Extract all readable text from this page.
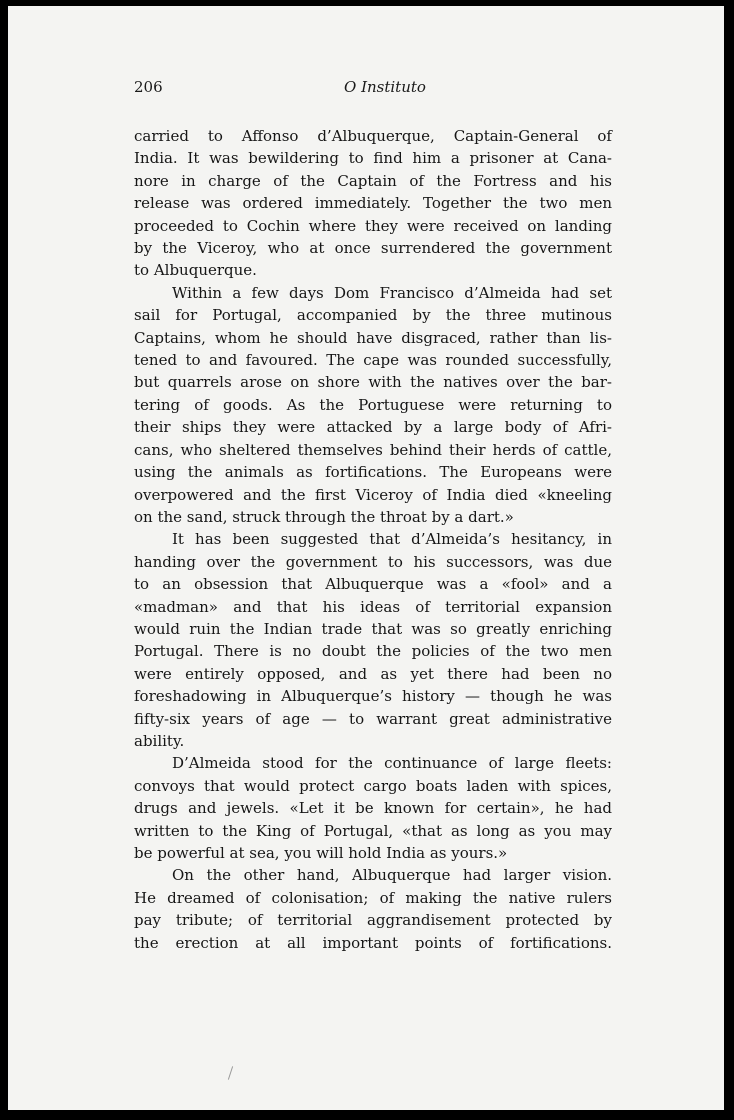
206	O Instituto
carried to Affonso d’Albuquerque, Captain-General of
India. It was bewildering to find him a prisoner at Cana-
nore in charge of the Captain of the Fortress and his
release was ordered immediately. Together the two men
proceeded to Cochin where they were received on landing
by the Viceroy, who at once surrendered the government
to Albuquerque.
Within a few days Dom Francisco d’Almeida had set
sail for Portugal, accompanied by the three mutinous
Captains, whom he should have disgraced, rather than lis-
tened to and favoured. The cape was rounded successfully,
but quarrels arose on shore with the natives over the bar-
tering of goods. As the Portuguese were returning to
their ships they were attacked by a large body of Afri-
cans, who sheltered themselves behind their herds of cattle,
using the animals as fortifications. The Europeans were
overpowered and the first Viceroy of India died «kneeling
on the sand, struck through the throat by a dart.»
It has been suggested that d’Almeida’s hesitancy, in
handing over the government to his successors, was due
to an obsession that Albuquerque was a «fool» and a
«madman» and that his ideas of territorial expansion
would ruin the Indian trade that was so greatly enriching
Portugal. There is no doubt the policies of the two men
were entirely opposed, and as yet there had been no
foreshadowing in Albuquerque’s history — though he was
fifty-six years of age — to warrant great administrative
ability.
D’Almeida stood for the continuance of large fleets:
convoys that would protect cargo boats laden with spices,
drugs and jewels. «Let it be known for certain», he had
written to the King of Portugal, «that as long as you may
be powerful at sea, you will hold India as yours.»
On the other hand, Albuquerque had larger vision.
He dreamed of colonisation; of making the native rulers
pay tribute; of territorial aggrandisement protected by
the erection at all important points of fortifications.
